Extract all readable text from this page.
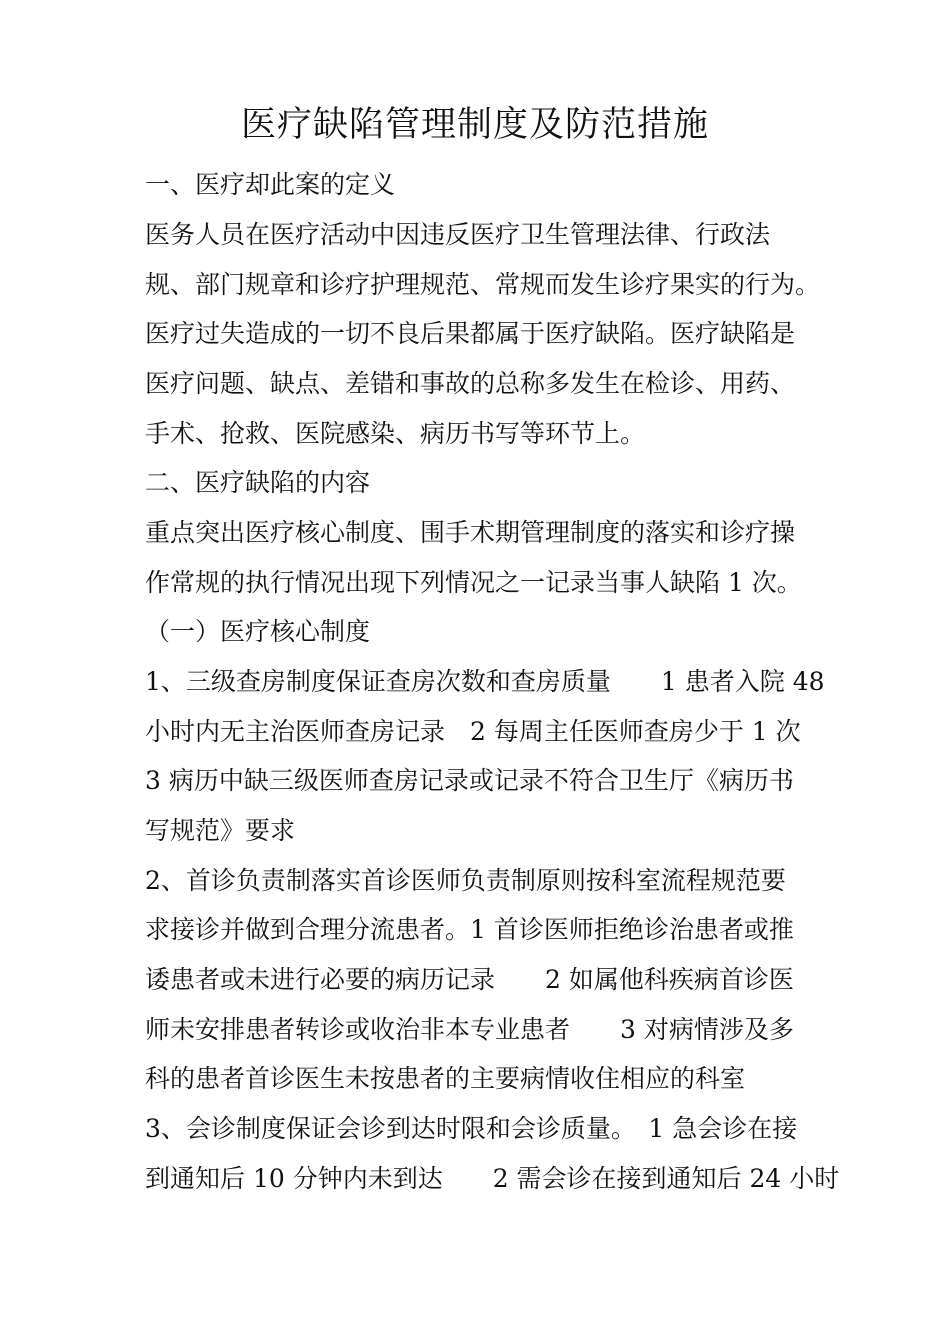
医疗缺陷管理制度及防范措施
一、医疗却此案的定义
医务人员在医疗活动中因违反医疗卫生管理法律、行政法
规、部门规章和诊疗护理规范、常规而发生诊疗果实的行为。
医疗过失造成的一切不良后果都属于医疗缺陷。医疗缺陷是
医疗问题、缺点、差错和事故的总称多发生在检诊、用药、
手术、抢救、医院感染、病历书写等环节上。
二、医疗缺陷的内容
重点突出医疗核心制度、围手术期管理制度的落实和诊疗操
作常规的执行情况出现下列情况之一记录当事人缺陷 1 次。
（一）医疗核心制度
1、三级查房制度保证查房次数和查房质量　　1 患者入院 48
小时内无主治医师查房记录　2 每周主任医师查房少于 1 次
3 病历中缺三级医师查房记录或记录不符合卫生厅《病历书
写规范》要求
2、首诊负责制落实首诊医师负责制原则按科室流程规范要
求接诊并做到合理分流患者。1 首诊医师拒绝诊治患者或推
诿患者或未进行必要的病历记录　　2 如属他科疾病首诊医
师未安排患者转诊或收治非本专业患者　　3 对病情涉及多
科的患者首诊医生未按患者的主要病情收住相应的科室
3、会诊制度保证会诊到达时限和会诊质量。　1 急会诊在接
到通知后 10 分钟内未到达　　2 需会诊在接到通知后 24 小时
